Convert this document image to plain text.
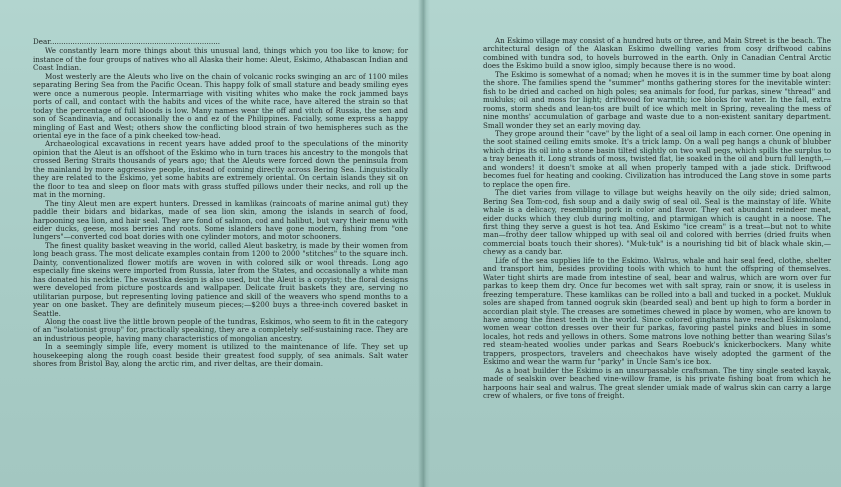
Dear...........................................................................

We constantly learn more things about this unusual land, things which you too like to know; for instance of the four groups of natives who all Alaska their home: Aleut, Eskimo, Athabascan Indian and Coast Indian.

Most westerly are the Aleuts who live on the chain of volcanic rocks swinging an arc of 1100 miles separating Bering Sea from the Pacific Ocean. This happy folk of small stature and beady smiling eyes were once a numerous people. Intermarriage with visiting whites who make the rock jammed bays ports of call, and contact with the habits and vices of the white race, have altered the strain so that today the percentage of full bloods is low. Many names wear the off and vitch of Russia, the sen and son of Scandinavia, and occasionally the o and ez of the Philippines. Facially, some express a happy mingling of East and West; others show the conflicting blood strain of two hemispheres such as the oriental eye in the face of a pink cheeked tow-head.

Archaeological excavations in recent years have added proof to the speculations of the minority opinion that the Aleut is an offshoot of the Eskimo who in turn traces his ancestry to the mongols that crossed Bering Straits thousands of years ago; that the Aleuts were forced down the peninsula from the mainland by more aggressive people, instead of coming directly across Bering Sea. Linguistically they are related to the Eskimo, yet some habits are extremely oriental. On certain islands they sit on the floor to tea and sleep on floor mats with grass stuffed pillows under their necks, and roll up the mat in the morning.

The tiny Aleut men are expert hunters. Dressed in kamlikas (raincoats of marine animal gut) they paddle their bidars and bidarkas, made of sea lion skin, among the islands in search of food, harpooning sea lion, and hair seal. They are fond of salmon, cod and halibut, but vary their menu with eider ducks, geese, moss berries and roots. Some islanders have gone modern, fishing from "one lungers"—converted cod boat dories with one cylinder motors, and motor schooners.

The finest quality basket weaving in the world, called Aleut basketry, is made by their women from long beach grass. The most delicate examples contain from 1200 to 2000 "stitches" to the square inch. Dainty, conventionalized flower motifs are woven in with colored silk or wool threads. Long ago especially fine skeins were imported from Russia, later from the States, and occasionally a white man has donated his necktie. The swastika design is also used, but the Aleut is a copyist; the floral designs were developed from picture postcards and wallpaper. Delicate fruit baskets they are, serving no utilitarian purpose, but representing loving patience and skill of the weavers who spend months to a year on one basket. They are definitely museum pieces;—$200 buys a three-inch covered basket in Seattle.

Along the coast live the little brown people of the tundras, Eskimos, who seem to fit in the category of an "isolationist group" for, practically speaking, they are a completely self-sustaining race. They are an industrious people, having many characteristics of mongolian ancestry.

In a seemingly simple life, every moment is utilized to the maintenance of life. They set up housekeeping along the rough coast beside their greatest food supply, of sea animals. Salt water shores from Bristol Bay, along the arctic rim, and river deltas, are their domain.

An Eskimo village may consist of a hundred huts or three, and Main Street is the beach. The architectural design of the Alaskan Eskimo dwelling varies from cosy driftwood cabins combined with tundra sod, to hovels burrowed in the earth. Only in Canadian Central Arctic does the Eskimo build a snow igloo, simply because there is no wood.

The Eskimo is somewhat of a nomad; when he moves it is in the summer time by boat along the shore. The families spend the "summer" months gathering stores for the inevitable winter: fish to be dried and cached on high poles; sea animals for food, fur parkas, sinew "thread" and mukluks; oil and moss for light; driftwood for warmth; ice blocks for water. In the fall, extra rooms, storm sheds and lean-tos are built of ice which melt in Spring, revealing the mess of nine months' accumulation of garbage and waste due to a non-existent sanitary department. Small wonder they set an early moving day.

They grope around their "cave" by the light of a seal oil lamp in each corner. One opening in the soot stained ceiling emits smoke. It's a trick lamp. On a wall peg hangs a chunk of blubber which drips its oil into a stone basin tilted slightly on two wall pegs, which spills the surplus to a tray beneath it. Long strands of moss, twisted flat, lie soaked in the oil and burn full length,—and wonders! it doesn't smoke at all when properly tamped with a jade stick. Driftwood becomes fuel for heating and cooking. Civilization has introduced the Lang stove in some parts to replace the open fire.

The diet varies from village to village but weighs heavily on the oily side; dried salmon, Bering Sea Tom-cod, fish soup and a daily swig of seal oil. Seal is the mainstay of life. White whale is a delicacy, resembling pork in color and flavor. They eat abundant reindeer meat, eider ducks which they club during molting, and ptarmigan which is caught in a noose. The first thing they serve a guest is hot tea. And Eskimo "ice cream" is a treat—but not to white man—frothy deer tallow whipped up with seal oil and colored with berries (dried fruits when commercial boats touch their shores). "Muk-tuk" is a nourishing tid bit of black whale skin,—chewy as a candy bar.

Life of the sea supplies life to the Eskimo. Walrus, whale and hair seal feed, clothe, shelter and transport him, besides providing tools with which to hunt the offspring of themselves. Water tight shirts are made from intestine of seal, bear and walrus, which are worn over fur parkas to keep them dry. Once fur becomes wet with salt spray, rain or snow, it is useless in freezing temperature. These kamlikas can be rolled into a ball and tucked in a pocket. Mukluk soles are shaped from tanned oogruk skin (bearded seal) and bent up high to form a border in accordian plait style. The creases are sometimes chewed in place by women, who are known to have among the finest teeth in the world. Since colored ginghams have reached Eskimoland, women wear cotton dresses over their fur parkas, favoring pastel pinks and blues in some locales, hot reds and yellows in others. Some matrons love nothing better than wearing Silas's red steam-heated woolies under parkas and Sears Roebuck's knickerbockers. Many white trappers, prospectors, travelers and cheechakos have wisely adopted the garment of the Eskimo and wear the warm fur "parky" in Uncle Sam's ice box.

As a boat builder the Eskimo is an unsurpassable craftsman. The tiny single seated kayak, made of sealskin over beached vine-willow frame, is his private fishing boat from which he harpoons hair seal and walrus. The great slender umiak made of walrus skin can carry a large crew of whalers, or five tons of freight.
